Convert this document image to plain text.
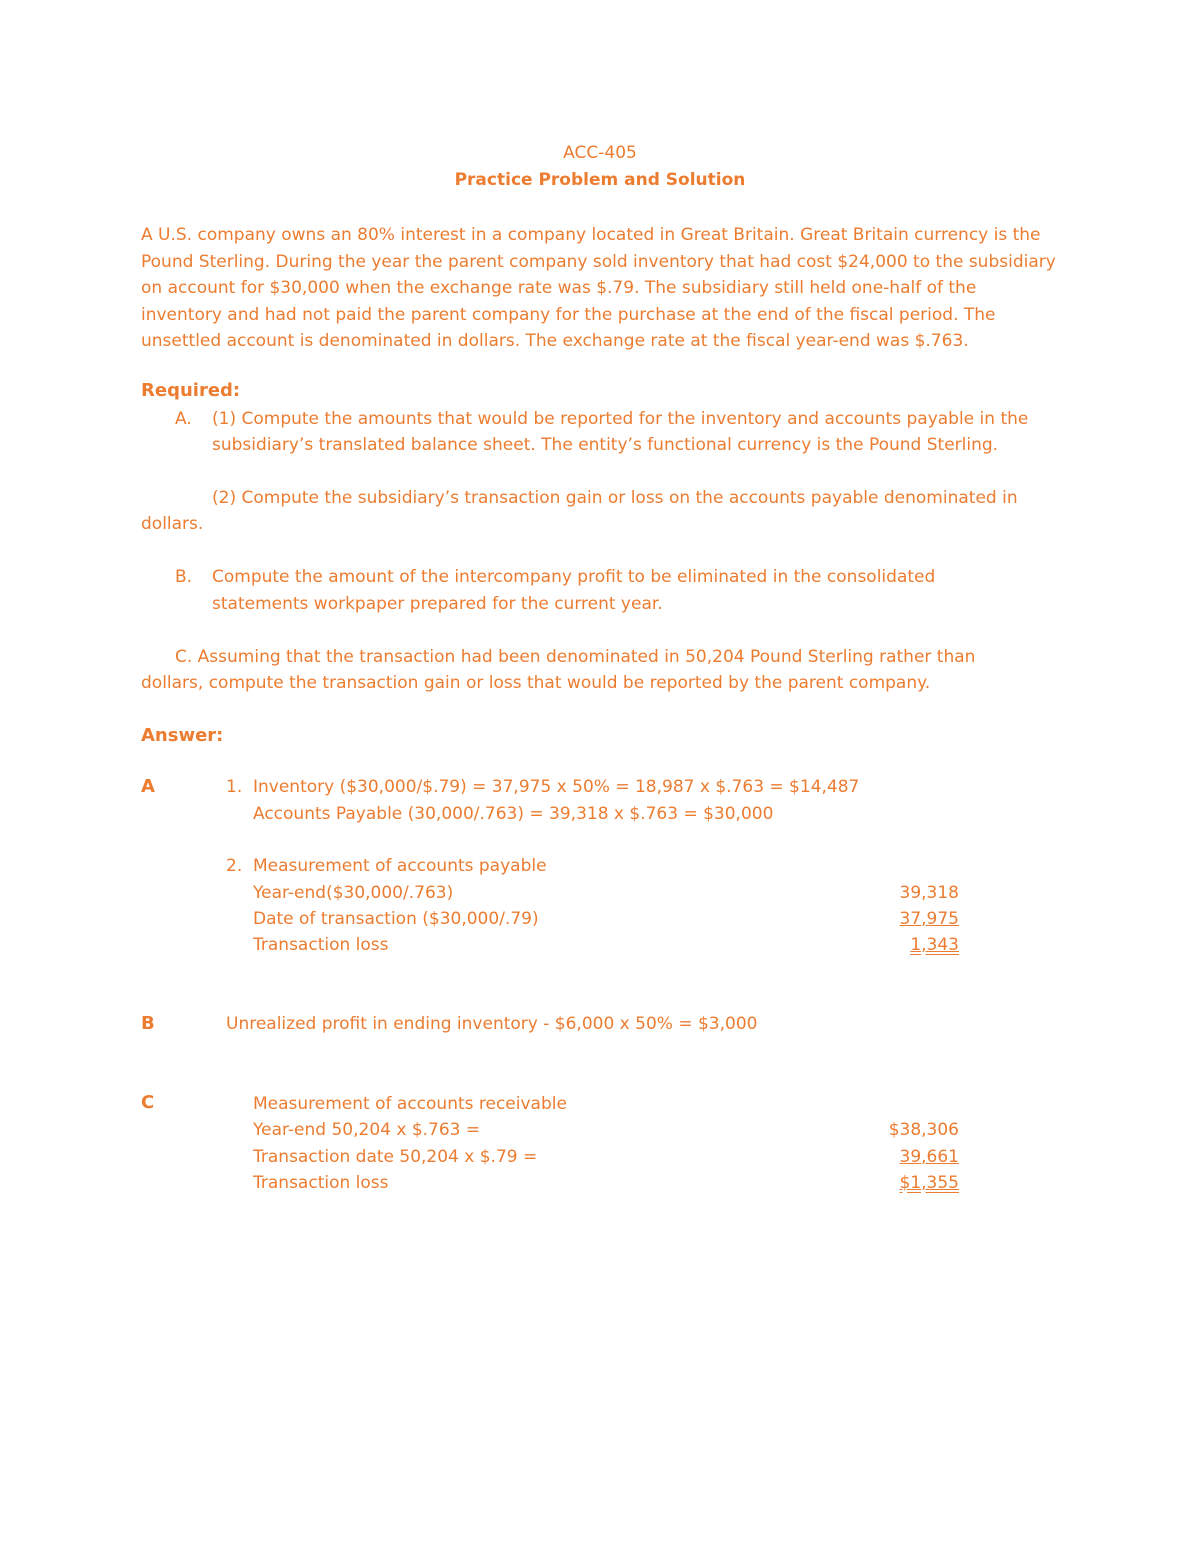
ACC-405
Practice Problem and Solution
A U.S. company owns an 80% interest in a company located in Great Britain. Great Britain currency is the Pound Sterling. During the year the parent company sold inventory that had cost $24,000 to the subsidiary on account for $30,000 when the exchange rate was $.79. The subsidiary still held one-half of the inventory and had not paid the parent company for the purchase at the end of the fiscal period. The unsettled account is denominated in dollars. The exchange rate at the fiscal year-end was $.763.
Required:
A. (1) Compute the amounts that would be reported for the inventory and accounts payable in the
subsidiary’s translated balance sheet. The entity’s functional currency is the Pound Sterling.
(2) Compute the subsidiary’s transaction gain or loss on the accounts payable denominated in
dollars.
B. Compute the amount of the intercompany profit to be eliminated in the consolidated
statements workpaper prepared for the current year.
C. Assuming that the transaction had been denominated in 50,204 Pound Sterling rather than
dollars, compute the transaction gain or loss that would be reported by the parent company.
Answer:
A	1. Inventory ($30,000/$.79) = 37,975 x 50% = 18,987 x $.763 = $14,487
Accounts Payable (30,000/.763) = 39,318 x $.763 = $30,000
2. Measurement of accounts payable
Year-end($30,000/.763)	39,318
Date of transaction ($30,000/.79)	37,975
Transaction loss	1,343
B	Unrealized profit in ending inventory - $6,000 x 50% = $3,000
C	Measurement of accounts receivable
Year-end 50,204 x $.763 =	$38,306
Transaction date 50,204 x $.79 =	39,661
Transaction loss	$1,355
